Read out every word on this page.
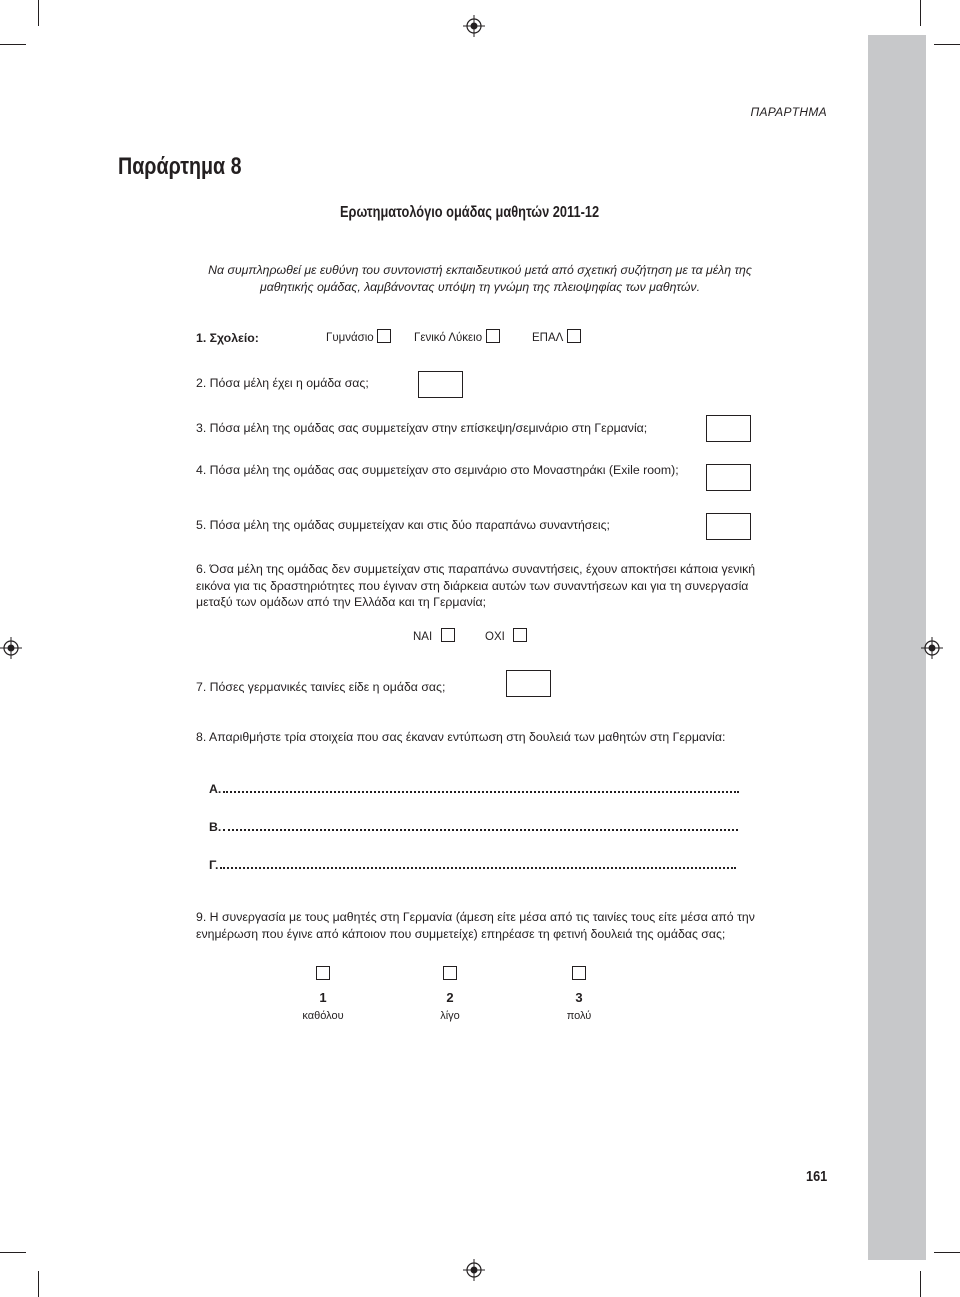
ΠΑΡΑΡΤΗΜΑ
Παράρτημα 8
Ερωτηματολόγιο ομάδας μαθητών 2011-12
Να συμπληρωθεί με ευθύνη του συντονιστή εκπαιδευτικού μετά από σχετική συζήτηση με τα μέλη της μαθητικής ομάδας, λαμβάνοντας υπόψη τη γνώμη της πλειοψηφίας των μαθητών.
1. Σχολείο:	Γυμνάσιο	Γενικό Λύκειο	ΕΠΑΛ
2. Πόσα μέλη έχει η ομάδα σας;
3. Πόσα μέλη της ομάδας σας συμμετείχαν στην επίσκεψη/σεμινάριο στη Γερμανία;
4. Πόσα μέλη της ομάδας σας συμμετείχαν στο σεμινάριο στο Μοναστηράκι (Exile room);
5. Πόσα μέλη της ομάδας συμμετείχαν και στις δύο παραπάνω συναντήσεις;
6. Όσα μέλη της ομάδας δεν συμμετείχαν στις παραπάνω συναντήσεις, έχουν αποκτήσει κάποια γενική εικόνα για τις δραστηριότητες που έγιναν στη διάρκεια αυτών των συναντήσεων και για τη συνεργασία μεταξύ των ομάδων από την Ελλάδα και τη Γερμανία;
ΝΑΙ	ΟΧΙ
7. Πόσες γερμανικές ταινίες είδε η ομάδα σας;
8. Απαριθμήστε τρία στοιχεία που σας έκαναν εντύπωση στη δουλειά των μαθητών στη Γερμανία:
Α.
Β.
Γ.
9. Η συνεργασία με τους μαθητές στη Γερμανία (άμεση είτε μέσα από τις ταινίες τους είτε μέσα από την ενημέρωση που έγινε από κάποιον που συμμετείχε) επηρέασε τη φετινή δουλειά της ομάδας σας;
1	2	3
καθόλου	λίγο	πολύ
161
